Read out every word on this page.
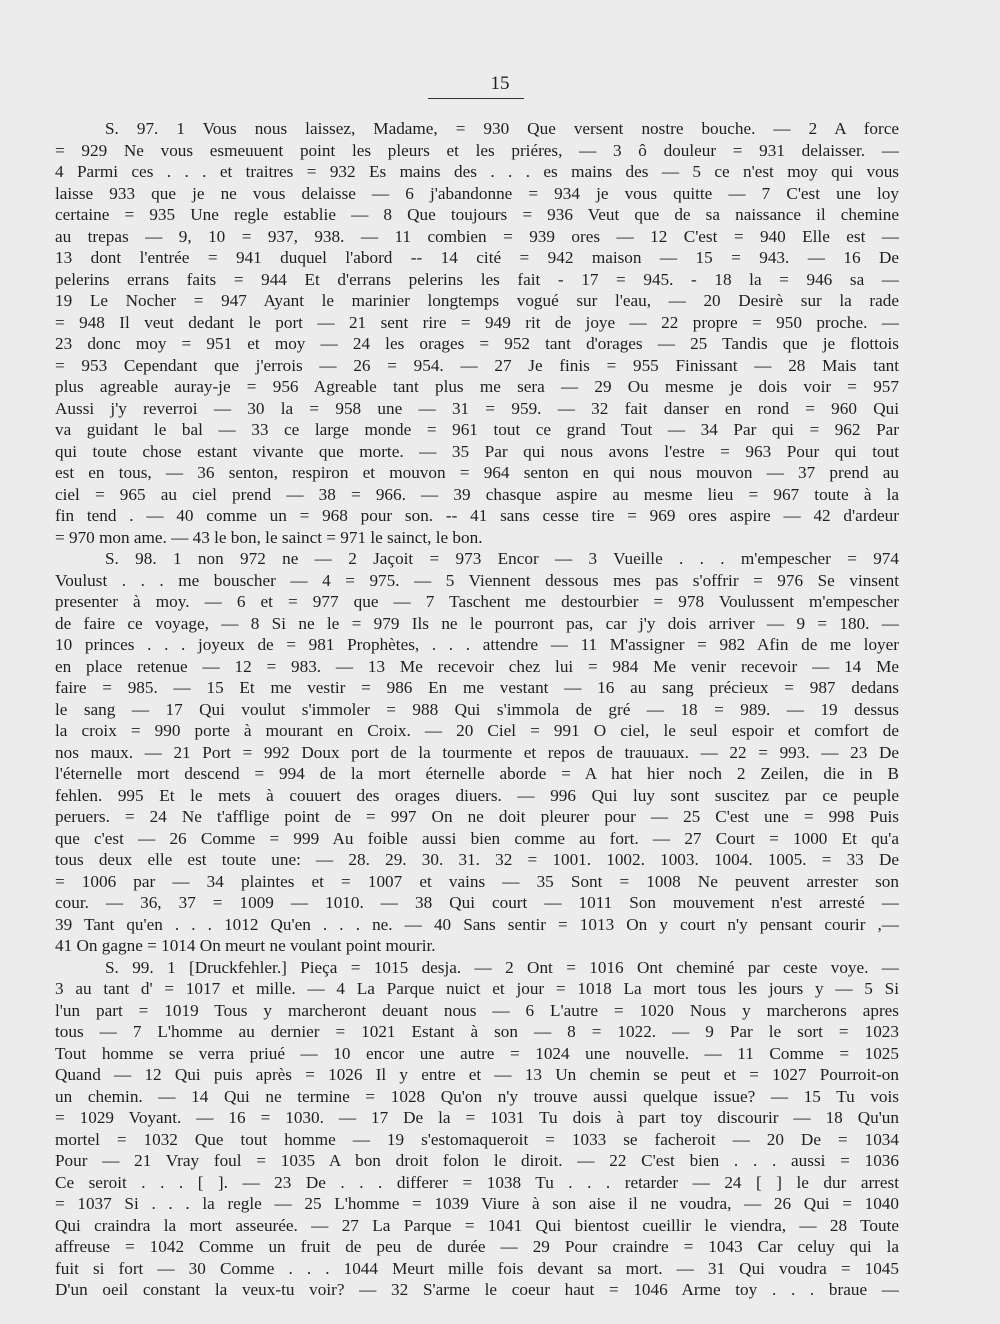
15
S. 97. 1 Vous nous laissez, Madame, = 930 Que versent nostre bouche. — 2 A force
= 929 Ne vous esmeuuent point les pleurs et les priéres, — 3 ô douleur = 931 delaisser. —
4 Parmi ces . . . et traitres = 932 Es mains des . . . es mains des — 5 ce n'est moy qui vous
laisse 933 que je ne vous delaisse — 6 j'abandonne = 934 je vous quitte — 7 C'est une loy
certaine = 935 Une regle establie — 8 Que toujours = 936 Veut que de sa naissance il chemine
au trepas — 9, 10 = 937, 938. — 11 combien = 939 ores — 12 C'est = 940 Elle est —
13 dont l'entrée = 941 duquel l'abord -- 14 cité = 942 maison — 15 = 943. — 16 De
pelerins errans faits = 944 Et d'errans pelerins les fait - 17 = 945. - 18 la = 946 sa —
19 Le Nocher = 947 Ayant le marinier longtemps vogué sur l'eau, — 20 Desirè sur la rade
= 948 Il veut dedant le port — 21 sent rire = 949 rit de joye — 22 propre = 950 proche. —
23 donc moy = 951 et moy — 24 les orages = 952 tant d'orages — 25 Tandis que je flottois
= 953 Cependant que j'errois — 26 = 954. — 27 Je finis = 955 Finissant — 28 Mais tant
plus agreable auray-je = 956 Agreable tant plus me sera — 29 Ou mesme je dois voir = 957
Aussi j'y reverroi — 30 la = 958 une — 31 = 959. — 32 fait danser en rond = 960 Qui
va guidant le bal — 33 ce large monde = 961 tout ce grand Tout — 34 Par qui = 962 Par
qui toute chose estant vivante que morte. — 35 Par qui nous avons l'estre = 963 Pour qui tout
est en tous, — 36 senton, respiron et mouvon = 964 senton en qui nous mouvon — 37 prend au
ciel = 965 au ciel prend — 38 = 966. — 39 chasque aspire au mesme lieu = 967 toute à la
fin tend . — 40 comme un = 968 pour son. -- 41 sans cesse tire = 969 ores aspire — 42 d'ardeur
= 970 mon ame. — 43 le bon, le sainct = 971 le sainct, le bon.
S. 98. 1 non 972 ne — 2 Jaçoit = 973 Encor — 3 Vueille . . . m'empescher = 974
Voulust . . . me bouscher — 4 = 975. — 5 Viennent dessous mes pas s'offrir = 976 Se vinsent
presenter à moy. — 6 et = 977 que — 7 Taschent me destourbier = 978 Voulussent m'empescher
de faire ce voyage, — 8 Si ne le = 979 Ils ne le pourront pas, car j'y dois arriver — 9 = 180. —
10 princes . . . joyeux de = 981 Prophètes, . . . attendre — 11 M'assigner = 982 Afin de me loyer
en place retenue — 12 = 983. — 13 Me recevoir chez lui = 984 Me venir recevoir — 14 Me
faire = 985. — 15 Et me vestir = 986 En me vestant — 16 au sang précieux = 987 dedans
le sang — 17 Qui voulut s'immoler = 988 Qui s'immola de gré — 18 = 989. — 19 dessus
la croix = 990 porte à mourant en Croix. — 20 Ciel = 991 O ciel, le seul espoir et comfort de
nos maux. — 21 Port = 992 Doux port de la tourmente et repos de trauuaux. — 22 = 993. — 23 De
l'éternelle mort descend = 994 de la mort éternelle aborde = A hat hier noch 2 Zeilen, die in B
fehlen. 995 Et le mets à couuert des orages diuers. — 996 Qui luy sont suscitez par ce peuple
peruers. = 24 Ne t'afflige point de = 997 On ne doit pleurer pour — 25 C'est une = 998 Puis
que c'est — 26 Comme = 999 Au foible aussi bien comme au fort. — 27 Court = 1000 Et qu'a
tous deux elle est toute une: — 28. 29. 30. 31. 32 = 1001. 1002. 1003. 1004. 1005. = 33 De
= 1006 par — 34 plaintes et = 1007 et vains — 35 Sont = 1008 Ne peuvent arrester son
cour. — 36, 37 = 1009 — 1010. — 38 Qui court — 1011 Son mouvement n'est arresté —
39 Tant qu'en . . . 1012 Qu'en . . . ne. — 40 Sans sentir = 1013 On y court n'y pensant courir ,—
41 On gagne = 1014 On meurt ne voulant point mourir.
S. 99. 1 [Druckfehler.] Pieça = 1015 desja. — 2 Ont = 1016 Ont cheminé par ceste voye. —
3 au tant d' = 1017 et mille. — 4 La Parque nuict et jour = 1018 La mort tous les jours y — 5 Si
l'un part = 1019 Tous y marcheront deuant nous — 6 L'autre = 1020 Nous y marcherons apres
tous — 7 L'homme au dernier = 1021 Estant à son — 8 = 1022. — 9 Par le sort = 1023
Tout homme se verra priué — 10 encor une autre = 1024 une nouvelle. — 11 Comme = 1025
Quand — 12 Qui puis après = 1026 Il y entre et — 13 Un chemin se peut et = 1027 Pourroit-on
un chemin. — 14 Qui ne termine = 1028 Qu'on n'y trouve aussi quelque issue? — 15 Tu vois
= 1029 Voyant. — 16 = 1030. — 17 De la = 1031 Tu dois à part toy discourir — 18 Qu'un
mortel = 1032 Que tout homme — 19 s'estomaqueroit = 1033 se facheroit — 20 De = 1034
Pour — 21 Vray foul = 1035 A bon droit folon le diroit. — 22 C'est bien . . . aussi = 1036
Ce seroit . . . [ ]. — 23 De . . . differer = 1038 Tu . . . retarder — 24 [ ] le dur arrest
= 1037 Si . . . la regle — 25 L'homme = 1039 Viure à son aise il ne voudra, — 26 Qui = 1040
Qui craindra la mort asseurée. — 27 La Parque = 1041 Qui bientost cueillir le viendra, — 28 Toute
affreuse = 1042 Comme un fruit de peu de durée — 29 Pour craindre = 1043 Car celuy qui la
fuit si fort — 30 Comme . . . 1044 Meurt mille fois devant sa mort. — 31 Qui voudra = 1045
D'un oeil constant la veux-tu voir? — 32 S'arme le coeur haut = 1046 Arme toy . . . braue —
